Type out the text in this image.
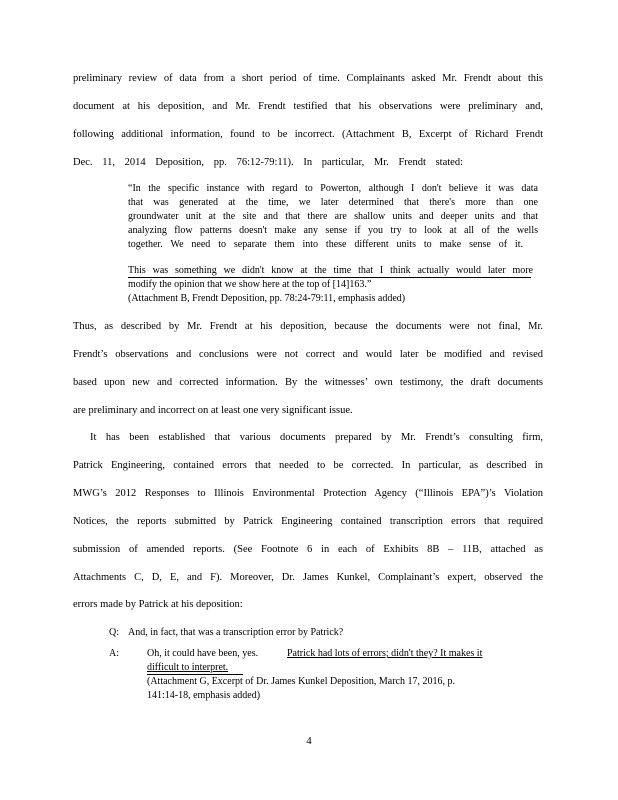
preliminary review of data from a short period of time. Complainants asked Mr. Frendt about this
document at his deposition, and Mr. Frendt testified that his observations were preliminary and,
following additional information, found to be incorrect. (Attachment B, Excerpt of Richard Frendt
Dec. 11, 2014 Deposition, pp. 76:12-79:11). In particular, Mr. Frendt stated:
“In the specific instance with regard to Powerton, although I don't believe it was data
that was generated at the time, we later determined that there's more than one
groundwater unit at the site and that there are shallow units and deeper units and that
analyzing flow patterns doesn't make any sense if you try to look at all of the wells
together. We need to separate them into these different units to make sense of it.
This was something we didn't know at the time that I think actually would later more
modify the opinion that we show here at the top of [14]163.”
(Attachment B, Frendt Deposition, pp. 78:24-79:11, emphasis added)
Thus, as described by Mr. Frendt at his deposition, because the documents were not final, Mr.
Frendt’s observations and conclusions were not correct and would later be modified and revised
based upon new and corrected information. By the witnesses’ own testimony, the draft documents
are preliminary and incorrect on at least one very significant issue.
It has been established that various documents prepared by Mr. Frendt’s consulting firm,
Patrick Engineering, contained errors that needed to be corrected. In particular, as described in
MWG’s 2012 Responses to Illinois Environmental Protection Agency (“Illinois EPA”)’s Violation
Notices, the reports submitted by Patrick Engineering contained transcription errors that required
submission of amended reports. (See Footnote 6 in each of Exhibits 8B – 11B, attached as
Attachments C, D, E, and F). Moreover, Dr. James Kunkel, Complainant’s expert, observed the
errors made by Patrick at his deposition:
Q: And, in fact, that was a transcription error by Patrick?
A:	Oh, it could have been, yes.	Patrick had lots of errors; didn't they? It makes it
difficult to interpret.
(Attachment G, Excerpt of Dr. James Kunkel Deposition, March 17, 2016, p.
141:14-18, emphasis added)
4
